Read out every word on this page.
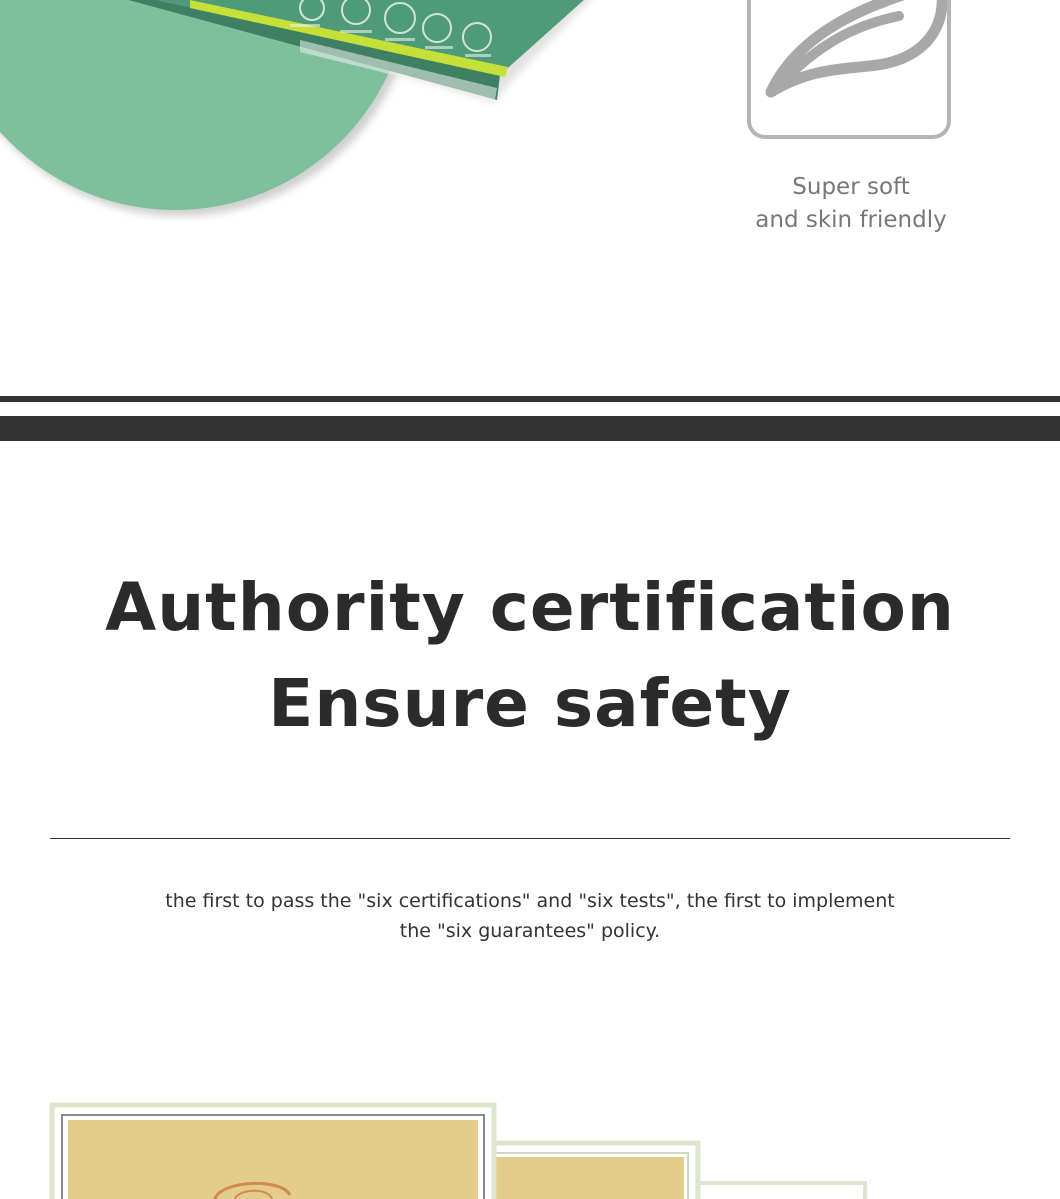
Super soft
and skin friendly
Authority certification
Ensure safety
the first to pass the "six certifications" and "six tests", the first to implement
the "six guarantees" policy.
